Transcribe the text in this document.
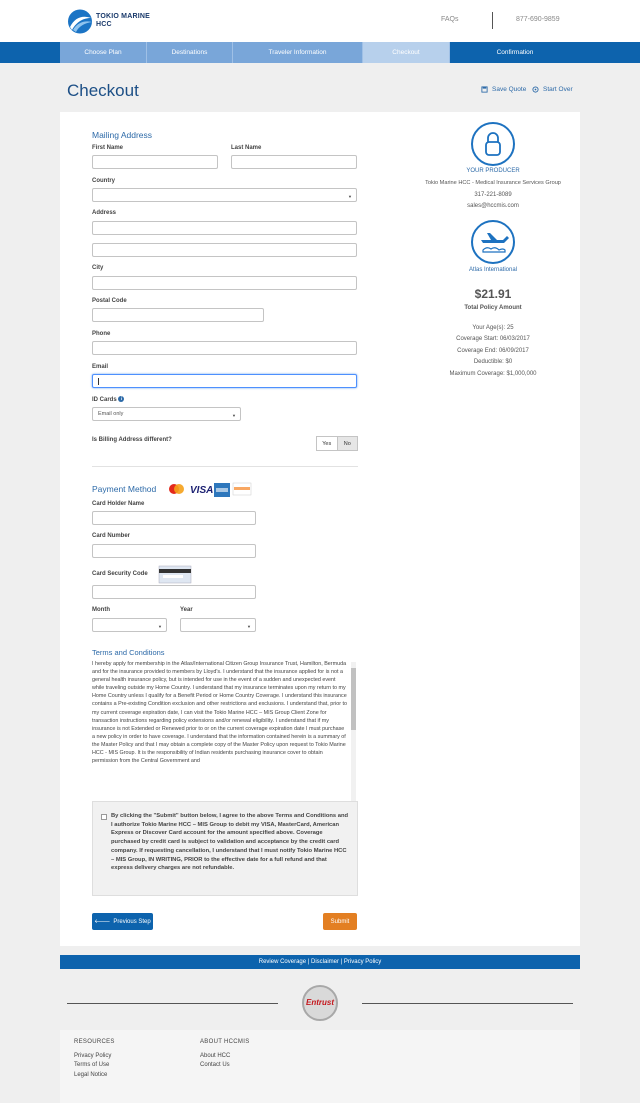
TOKIO MARINE
HCC
FAQs	877-690-9859
Choose Plan	Destinations	Traveler Information	Checkout	Confirmation
Checkout	Save Quote	Start Over
Mailing Address
First Name	Last Name
Country
▼
Address
City
Postal Code
Phone
Email
ID Cards i
Email only	▼
Is Billing Address different?
Yes	No
Payment Method	VISA
Card Holder Name
Card Number
Card Security Code
Month	Year
▼	▼
Terms and Conditions
I hereby apply for membership in the Atlas/International Citizen Group Insurance Trust, Hamilton, Bermuda and for the insurance provided to members by Lloyd's. I understand that the insurance applied for is not a general health insurance policy, but is intended for use in the event of a sudden and unexpected event while traveling outside my Home Country. I understand that my insurance terminates upon my return to my Home Country unless I qualify for a Benefit Period or Home Country Coverage. I understand this insurance contains a Pre-existing Condition exclusion and other restrictions and exclusions. I understand that, prior to my current coverage expiration date, I can visit the Tokio Marine HCC – MIS Group Client Zone for transaction instructions regarding policy extensions and/or renewal eligibility. I understand that if my insurance is not Extended or Renewed prior to or on the current coverage expiration date I must purchase a new policy in order to have coverage. I understand that the information contained herein is a summary of the Master Policy and that I may obtain a complete copy of the Master Policy upon request to Tokio Marine HCC - MIS Group. It is the responsibility of Indian residents purchasing insurance cover to obtain permission from the Central Government and
By clicking the "Submit" button below, I agree to the above Terms and Conditions and I authorize Tokio Marine HCC – MIS Group to debit my VISA, MasterCard, American Express or Discover Card account for the amount specified above. Coverage purchased by credit card is subject to validation and acceptance by the credit card company. If requesting cancellation, I understand that I must notify Tokio Marine HCC – MIS Group, IN WRITING, PRIOR to the effective date for a full refund and that express delivery charges are not refundable.
🡐 Previous Step	Submit
YOUR PRODUCER
Tokio Marine HCC - Medical Insurance Services Group
317-221-8089
sales@hccmis.com
Atlas International
$21.91
Total Policy Amount
Your Age(s): 25
Coverage Start: 06/03/2017
Coverage End: 06/09/2017
Deductible: $0
Maximum Coverage: $1,000,000
Review Coverage | Disclaimer | Privacy Policy
Entrust
RESOURCES
Privacy Policy
Terms of Use
Legal Notice
ABOUT HCCMIS
About HCC
Contact Us
